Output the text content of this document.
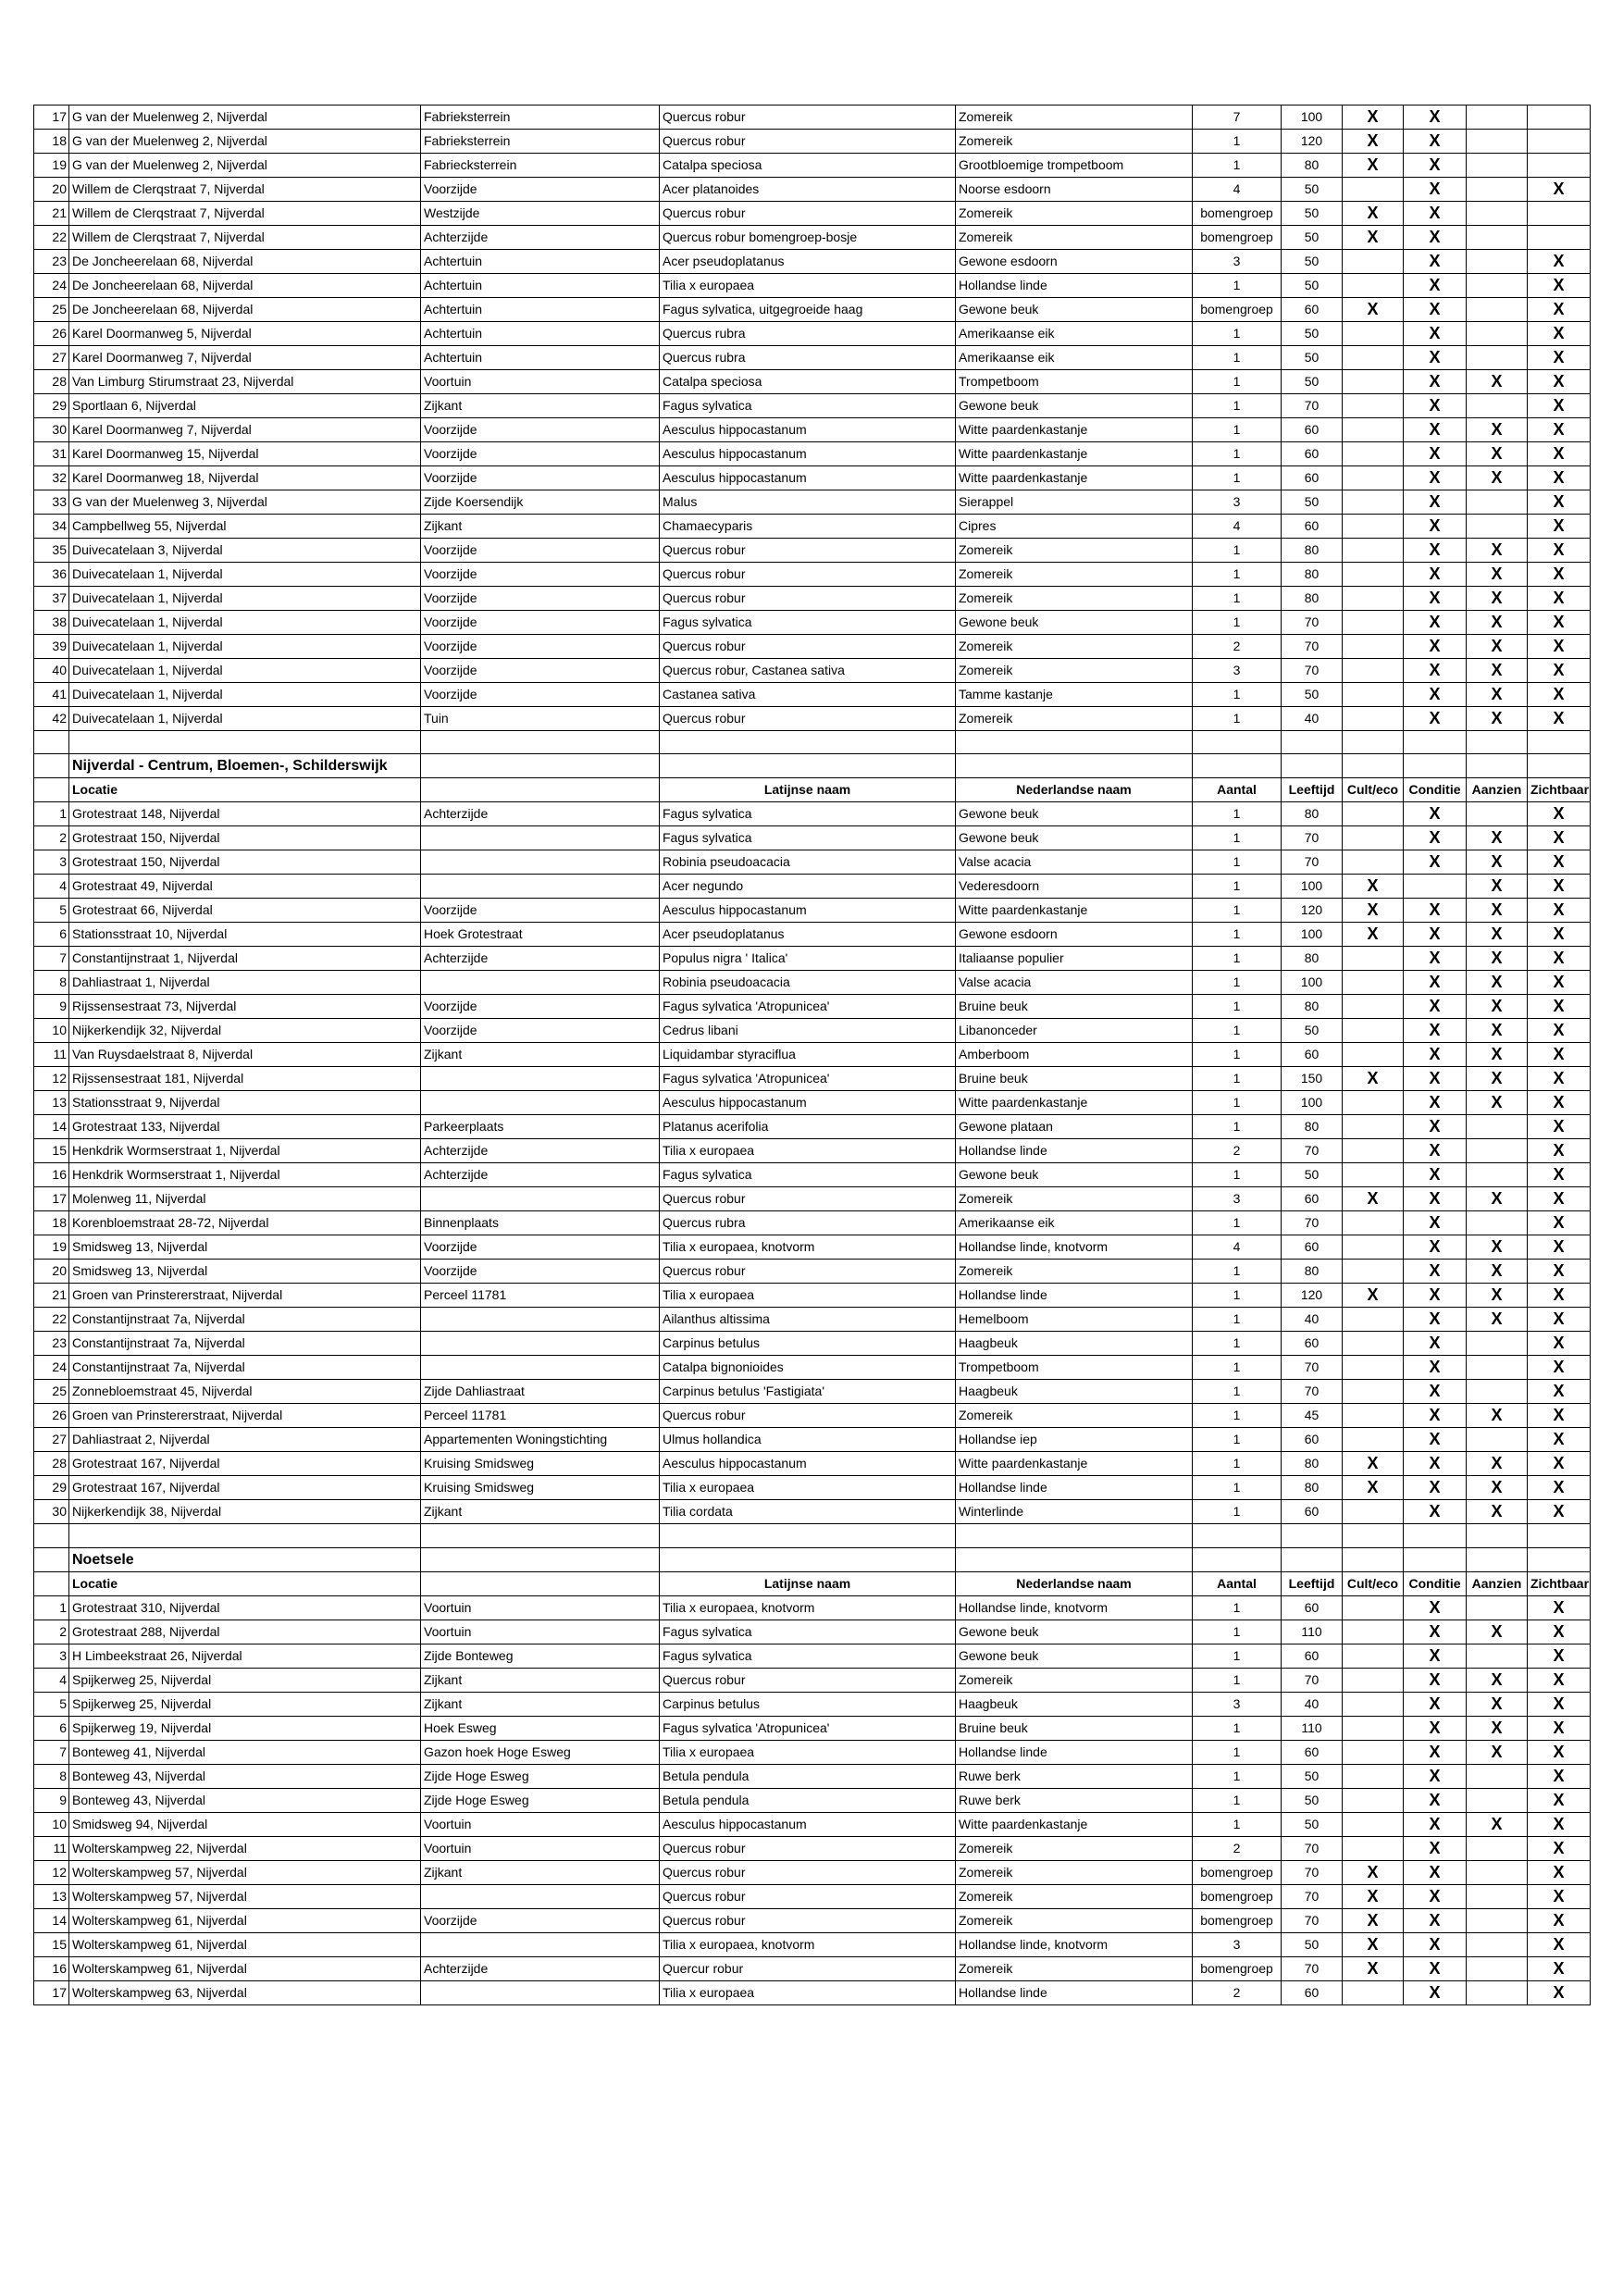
17	G van der Muelenweg 2, Nijverdal	Fabrieksterrein	Quercus robur	Zomereik	7	100	X	X		
18	G van der Muelenweg 2, Nijverdal	Fabrieksterrein	Quercus robur	Zomereik	1	120	X	X		
19	G van der Muelenweg 2, Nijverdal	Fabriecksterrein	Catalpa speciosa	Grootbloemige trompetboom	1	80	X	X		
20	Willem de Clerqstraat 7, Nijverdal	Voorzijde	Acer platanoides	Noorse esdoorn	4	50		X		X
21	Willem de Clerqstraat 7, Nijverdal	Westzijde	Quercus robur	Zomereik	bomengroep	50	X	X		
22	Willem de Clerqstraat 7, Nijverdal	Achterzijde	Quercus robur bomengroep-bosje	Zomereik	bomengroep	50	X	X		
23	De Joncheerelaan 68, Nijverdal	Achtertuin	Acer pseudoplatanus	Gewone esdoorn	3	50		X		X
24	De Joncheerelaan 68, Nijverdal	Achtertuin	Tilia x europaea	Hollandse linde	1	50		X		X
25	De Joncheerelaan 68, Nijverdal	Achtertuin	Fagus sylvatica, uitgegroeide haag	Gewone beuk	bomengroep	60	X	X		X
26	Karel Doormanweg 5, Nijverdal	Achtertuin	Quercus rubra	Amerikaanse eik	1	50		X		X
27	Karel Doormanweg 7, Nijverdal	Achtertuin	Quercus rubra	Amerikaanse eik	1	50		X		X
28	Van Limburg Stirumstraat 23, Nijverdal	Voortuin	Catalpa speciosa	Trompetboom	1	50		X	X	X
29	Sportlaan 6, Nijverdal	Zijkant	Fagus sylvatica	Gewone beuk	1	70		X		X
30	Karel Doormanweg 7, Nijverdal	Voorzijde	Aesculus hippocastanum	Witte paardenkastanje	1	60		X	X	X
31	Karel Doormanweg 15, Nijverdal	Voorzijde	Aesculus hippocastanum	Witte paardenkastanje	1	60		X	X	X
32	Karel Doormanweg 18, Nijverdal	Voorzijde	Aesculus hippocastanum	Witte paardenkastanje	1	60		X	X	X
33	G van der Muelenweg 3, Nijverdal	Zijde Koersendijk	Malus	Sierappel	3	50		X		X
34	Campbellweg 55, Nijverdal	Zijkant	Chamaecyparis	Cipres	4	60		X		X
35	Duivecatelaan 3, Nijverdal	Voorzijde	Quercus robur	Zomereik	1	80		X	X	X
36	Duivecatelaan 1, Nijverdal	Voorzijde	Quercus robur	Zomereik	1	80		X	X	X
37	Duivecatelaan 1, Nijverdal	Voorzijde	Quercus robur	Zomereik	1	80		X	X	X
38	Duivecatelaan 1, Nijverdal	Voorzijde	Fagus sylvatica	Gewone beuk	1	70		X	X	X
39	Duivecatelaan 1, Nijverdal	Voorzijde	Quercus robur	Zomereik	2	70		X	X	X
40	Duivecatelaan 1, Nijverdal	Voorzijde	Quercus robur, Castanea sativa	Zomereik	3	70		X	X	X
41	Duivecatelaan 1, Nijverdal	Voorzijde	Castanea sativa	Tamme kastanje	1	50		X	X	X
42	Duivecatelaan 1, Nijverdal	Tuin	Quercus robur	Zomereik	1	40		X	X	X

	Nijverdal - Centrum, Bloemen-, Schilderswijk									
	Locatie		Latijnse naam	Nederlandse naam	Aantal	Leeftijd	Cult/eco	Conditie	Aanzien	Zichtbaar
1	Grotestraat 148, Nijverdal	Achterzijde	Fagus sylvatica	Gewone beuk	1	80		X		X
2	Grotestraat 150, Nijverdal		Fagus sylvatica	Gewone beuk	1	70		X	X	X
3	Grotestraat 150, Nijverdal		Robinia pseudoacacia	Valse acacia	1	70		X	X	X
4	Grotestraat 49, Nijverdal		Acer negundo	Vederesdoorn	1	100	X		X	X
5	Grotestraat 66, Nijverdal	Voorzijde	Aesculus hippocastanum	Witte paardenkastanje	1	120	X	X	X	X
6	Stationsstraat 10, Nijverdal	Hoek Grotestraat	Acer pseudoplatanus	Gewone esdoorn	1	100	X	X	X	X
7	Constantijnstraat 1, Nijverdal	Achterzijde	Populus nigra ' Italica'	Italiaanse populier	1	80		X	X	X
8	Dahliastraat 1, Nijverdal		Robinia pseudoacacia	Valse acacia	1	100		X	X	X
9	Rijssensestraat 73, Nijverdal	Voorzijde	Fagus sylvatica 'Atropunicea'	Bruine beuk	1	80		X	X	X
10	Nijkerkendijk 32, Nijverdal	Voorzijde	Cedrus libani	Libanonceder	1	50		X	X	X
11	Van Ruysdaelstraat 8, Nijverdal	Zijkant	Liquidambar styraciflua	Amberboom	1	60		X	X	X
12	Rijssensestraat 181, Nijverdal		Fagus sylvatica 'Atropunicea'	Bruine beuk	1	150	X	X	X	X
13	Stationsstraat 9, Nijverdal		Aesculus hippocastanum	Witte paardenkastanje	1	100		X	X	X
14	Grotestraat 133, Nijverdal	Parkeerplaats	Platanus acerifolia	Gewone plataan	1	80		X		X
15	Henkdrik Wormserstraat 1, Nijverdal	Achterzijde	Tilia x europaea	Hollandse linde	2	70		X		X
16	Henkdrik Wormserstraat 1, Nijverdal	Achterzijde	Fagus sylvatica	Gewone beuk	1	50		X		X
17	Molenweg 11, Nijverdal		Quercus robur	Zomereik	3	60	X	X	X	X
18	Korenbloemstraat 28-72, Nijverdal	Binnenplaats	Quercus rubra	Amerikaanse eik	1	70		X		X
19	Smidsweg 13, Nijverdal	Voorzijde	Tilia x europaea, knotvorm	Hollandse linde, knotvorm	4	60		X	X	X
20	Smidsweg 13, Nijverdal	Voorzijde	Quercus robur	Zomereik	1	80		X	X	X
21	Groen van Prinstererstraat, Nijverdal	Perceel 11781	Tilia x europaea	Hollandse linde	1	120	X	X	X	X
22	Constantijnstraat 7a, Nijverdal		Ailanthus altissima	Hemelboom	1	40		X	X	X
23	Constantijnstraat 7a, Nijverdal		Carpinus betulus	Haagbeuk	1	60		X		X
24	Constantijnstraat 7a, Nijverdal		Catalpa bignonioides	Trompetboom	1	70		X		X
25	Zonnebloemstraat 45, Nijverdal	Zijde Dahliastraat	Carpinus betulus 'Fastigiata'	Haagbeuk	1	70		X		X
26	Groen van Prinstererstraat, Nijverdal	Perceel 11781	Quercus robur	Zomereik	1	45		X	X	X
27	Dahliastraat 2, Nijverdal	Appartementen Woningstichting	Ulmus hollandica	Hollandse iep	1	60		X		X
28	Grotestraat 167, Nijverdal	Kruising Smidsweg	Aesculus hippocastanum	Witte paardenkastanje	1	80	X	X	X	X
29	Grotestraat 167, Nijverdal	Kruising Smidsweg	Tilia x europaea	Hollandse linde	1	80	X	X	X	X
30	Nijkerkendijk 38, Nijverdal	Zijkant	Tilia cordata	Winterlinde	1	60		X	X	X

	Noetsele									
	Locatie		Latijnse naam	Nederlandse naam	Aantal	Leeftijd	Cult/eco	Conditie	Aanzien	Zichtbaar
1	Grotestraat 310, Nijverdal	Voortuin	Tilia x europaea, knotvorm	Hollandse linde, knotvorm	1	60		X		X
2	Grotestraat 288, Nijverdal	Voortuin	Fagus sylvatica	Gewone beuk	1	110		X	X	X
3	H Limbeekstraat 26, Nijverdal	Zijde Bonteweg	Fagus sylvatica	Gewone beuk	1	60		X		X
4	Spijkerweg 25, Nijverdal	Zijkant	Quercus robur	Zomereik	1	70		X	X	X
5	Spijkerweg 25, Nijverdal	Zijkant	Carpinus betulus	Haagbeuk	3	40		X	X	X
6	Spijkerweg 19, Nijverdal	Hoek Esweg	Fagus sylvatica 'Atropunicea'	Bruine beuk	1	110		X	X	X
7	Bonteweg 41, Nijverdal	Gazon hoek Hoge Esweg	Tilia x europaea	Hollandse linde	1	60		X	X	X
8	Bonteweg 43, Nijverdal	Zijde Hoge Esweg	Betula pendula	Ruwe berk	1	50		X		X
9	Bonteweg 43, Nijverdal	Zijde Hoge Esweg	Betula pendula	Ruwe berk	1	50		X		X
10	Smidsweg 94, Nijverdal	Voortuin	Aesculus hippocastanum	Witte paardenkastanje	1	50		X	X	X
11	Wolterskampweg 22, Nijverdal	Voortuin	Quercus robur	Zomereik	2	70		X		X
12	Wolterskampweg 57, Nijverdal	Zijkant	Quercus robur	Zomereik	bomengroep	70	X	X		X
13	Wolterskampweg 57, Nijverdal		Quercus robur	Zomereik	bomengroep	70	X	X		X
14	Wolterskampweg 61, Nijverdal	Voorzijde	Quercus robur	Zomereik	bomengroep	70	X	X		X
15	Wolterskampweg 61, Nijverdal		Tilia x europaea, knotvorm	Hollandse linde, knotvorm	3	50	X	X		X
16	Wolterskampweg 61, Nijverdal	Achterzijde	Quercur robur	Zomereik	bomengroep	70	X	X		X
17	Wolterskampweg 63, Nijverdal		Tilia x europaea	Hollandse linde	2	60		X		X
